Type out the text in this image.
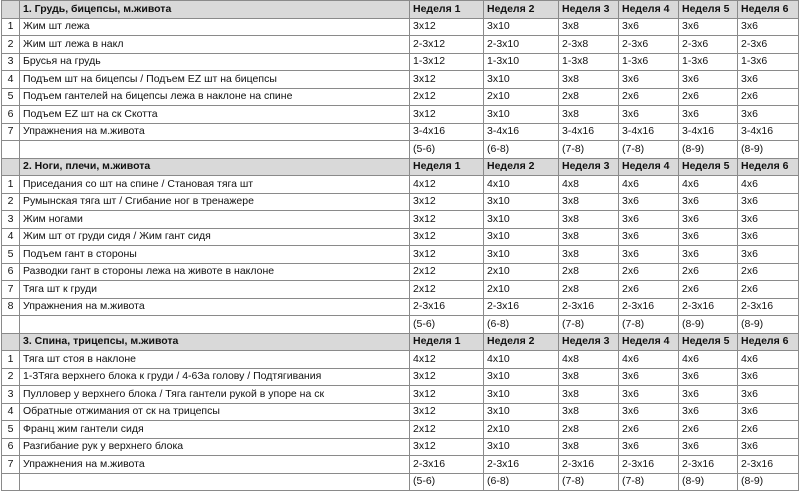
	1. Грудь, бицепсы, м.живота	Неделя 1	Неделя 2	Неделя 3	Неделя 4	Неделя 5	Неделя 6
1	Жим шт лежа	3х12	3х10	3х8	3х6	3х6	3х6
2	Жим шт лежа в накл	2-3х12	2-3х10	2-3х8	2-3х6	2-3х6	2-3х6
3	Брусья на грудь	1-3х12	1-3х10	1-3х8	1-3х6	1-3х6	1-3х6
4	Подъем шт на бицепсы / Подъем EZ шт на бицепсы	3х12	3х10	3х8	3х6	3х6	3х6
5	Подъем гантелей на бицепсы лежа в наклоне на спине	2х12	2х10	2х8	2х6	2х6	2х6
6	Подъем EZ шт на ск Скотта	3х12	3х10	3х8	3х6	3х6	3х6
7	Упражнения на м.живота	3-4х16	3-4х16	3-4х16	3-4х16	3-4х16	3-4х16
		(5-6)	(6-8)	(7-8)	(7-8)	(8-9)	(8-9)
	2. Ноги, плечи, м.живота	Неделя 1	Неделя 2	Неделя 3	Неделя 4	Неделя 5	Неделя 6
1	Приседания со шт на спине / Становая тяга шт	4х12	4х10	4х8	4х6	4х6	4х6
2	Румынская тяга шт / Сгибание ног в тренажере	3х12	3х10	3х8	3х6	3х6	3х6
3	Жим ногами	3х12	3х10	3х8	3х6	3х6	3х6
4	Жим шт от груди сидя / Жим гант сидя	3х12	3х10	3х8	3х6	3х6	3х6
5	Подъем гант в стороны	3х12	3х10	3х8	3х6	3х6	3х6
6	Разводки гант в стороны лежа на животе в наклоне	2х12	2х10	2х8	2х6	2х6	2х6
7	Тяга шт к груди	2х12	2х10	2х8	2х6	2х6	2х6
8	Упражнения на м.живота	2-3х16	2-3х16	2-3х16	2-3х16	2-3х16	2-3х16
		(5-6)	(6-8)	(7-8)	(7-8)	(8-9)	(8-9)
	3. Спина, трицепсы, м.живота	Неделя 1	Неделя 2	Неделя 3	Неделя 4	Неделя 5	Неделя 6
1	Тяга шт стоя в наклоне	4х12	4х10	4х8	4х6	4х6	4х6
2	1-3Тяга верхнего блока к груди / 4-6За голову / Подтягивания	3х12	3х10	3х8	3х6	3х6	3х6
3	Пулловер у верхнего блока / Тяга гантели рукой в упоре на ск	3х12	3х10	3х8	3х6	3х6	3х6
4	Обратные отжимания от ск на трицепсы	3х12	3х10	3х8	3х6	3х6	3х6
5	Франц жим гантели сидя	2х12	2х10	2х8	2х6	2х6	2х6
6	Разгибание рук у верхнего блока	3х12	3х10	3х8	3х6	3х6	3х6
7	Упражнения на м.живота	2-3х16	2-3х16	2-3х16	2-3х16	2-3х16	2-3х16
		(5-6)	(6-8)	(7-8)	(7-8)	(8-9)	(8-9)
